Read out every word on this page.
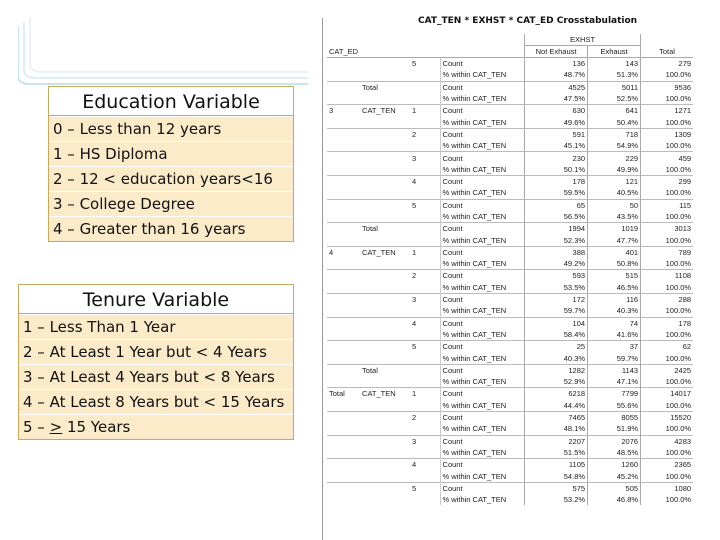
Education Variable
0 – Less than 12 years
1 – HS Diploma
2 – 12 < education years<16
3 – College Degree
4 – Greater than 16 years
Tenure Variable
1 – Less Than 1 Year
2 – At Least 1 Year but < 4 Years
3 – At Least 4 Years but < 8 Years
4 – At Least 8 Years but < 15 Years
5 – ≥ 15 Years
CAT_TEN * EXHST * CAT_ED Crosstabulation
				EXHST		
CAT_ED				Not Exhaust	Exhaust	Total
		5	Count	136	143	279
			% within CAT_TEN	48.7%	51.3%	100.0%
	Total		Count	4525	5011	9536
			% within CAT_TEN	47.5%	52.5%	100.0%
3	CAT_TEN	1	Count	630	641	1271
			% within CAT_TEN	49.6%	50.4%	100.0%
		2	Count	591	718	1309
			% within CAT_TEN	45.1%	54.9%	100.0%
		3	Count	230	229	459
			% within CAT_TEN	50.1%	49.9%	100.0%
		4	Count	178	121	299
			% within CAT_TEN	59.5%	40.5%	100.0%
		5	Count	65	50	115
			% within CAT_TEN	56.5%	43.5%	100.0%
	Total		Count	1994	1019	3013
			% within CAT_TEN	52.3%	47.7%	100.0%
4	CAT_TEN	1	Count	388	401	789
			% within CAT_TEN	49.2%	50.8%	100.0%
		2	Count	593	515	1108
			% within CAT_TEN	53.5%	46.5%	100.0%
		3	Count	172	116	288
			% within CAT_TEN	59.7%	40.3%	100.0%
		4	Count	104	74	178
			% within CAT_TEN	58.4%	41.6%	100.0%
		5	Count	25	37	62
			% within CAT_TEN	40.3%	59.7%	100.0%
	Total		Count	1282	1143	2425
			% within CAT_TEN	52.9%	47.1%	100.0%
Total	CAT_TEN	1	Count	6218	7799	14017
			% within CAT_TEN	44.4%	55.6%	100.0%
		2	Count	7465	8055	15520
			% within CAT_TEN	48.1%	51.9%	100.0%
		3	Count	2207	2076	4283
			% within CAT_TEN	51.5%	48.5%	100.0%
		4	Count	1105	1260	2365
			% within CAT_TEN	54.8%	45.2%	100.0%
		5	Count	575	505	1080
			% within CAT_TEN	53.2%	46.8%	100.0%
